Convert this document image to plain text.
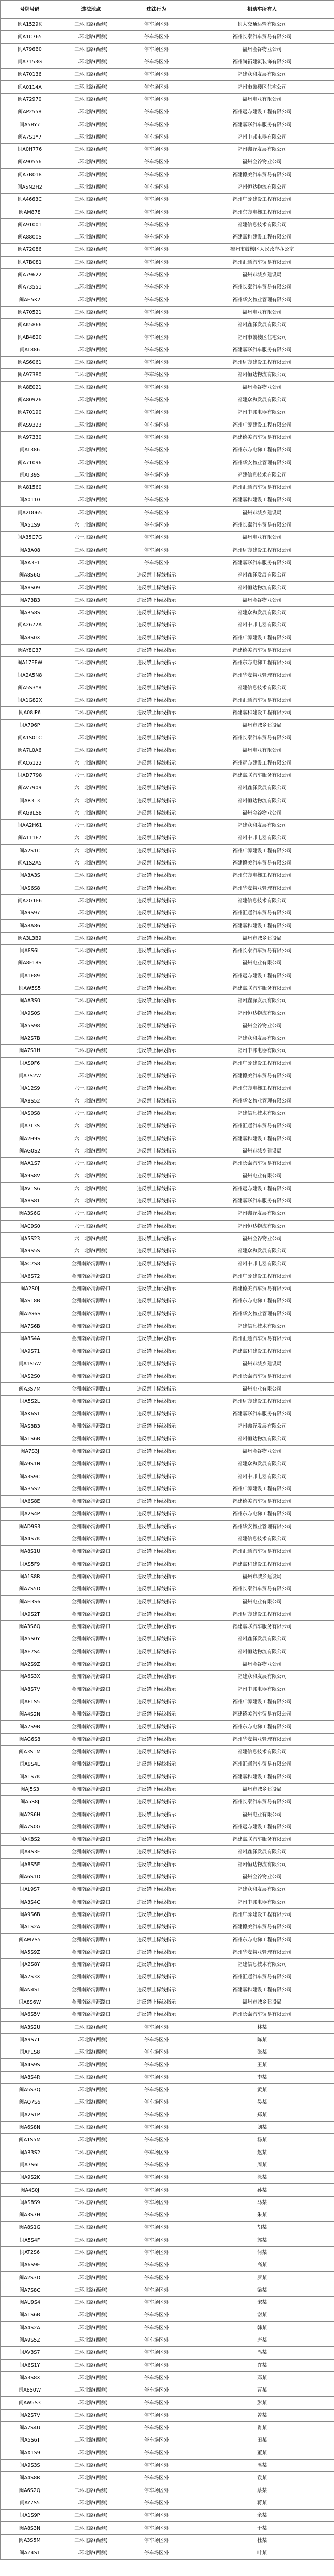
号牌号码	违法地点	违法行为	机动车所有人
闽A1529K	二环北路(西侧)	停车场区外	闽大交通运输有限公司
闽A1C765	二环北路(西侧)	停车场区外	福州长泰汽车贸易有限公司
闽A796B0	二环北路(西侧)	停车场区外	福州金谷物业公司
闽A7153G	二环北路(西侧)	停车场区外	福州尚新建筑装饰有限公司
闽A70136	二环北路(西侧)	停车场区外	福建众和发展有限公司
闽A0114A	二环北路(西侧)	停车场区外	福州市鼓楼区住宅公司
闽A72970	二环北路(西侧)	停车场区外	福州电业有限公司
闽AP2558	二环北路(西侧)	停车场区外	福州远方建设工程有限公司
闽A5BY7	二环北路(西侧)	停车场区外	福建嘉联汽车服务有限公司
闽A7S1Y7	二环北路(西侧)	停车场区外	福州中邦电器有限公司
闽A0H776	二环北路(西侧)	停车场区外	福州鑫泽发展有限公司
闽A90556	二环北路(西侧)	停车场区外	福州金谷物业公司
闽A7B018	二环北路(西侧)	停车场区外	福建德美汽车贸易有限公司
闽A5N2H2	二环北路(西侧)	停车场区外	福州恒达物流有限公司
闽A4663C	二环北路(西侧)	停车场区外	福州广源建设工程有限公司
闽AM878	二环北路(西侧)	停车场区外	福州东方电梯工程有限公司
闽A91001	二环北路(西侧)	停车场区外	福建信息技术有限公司
闽A8800S	二环北路(西侧)	停车场区外	福建嘉和建设工程有限公司
闽A72086	二环北路(西侧)	停车场区外	福州市鼓楼区人民政府办公室
闽A7B081	二环北路(西侧)	停车场区外	福州汇通汽车贸易有限公司
闽A79622	二环北路(西侧)	停车场区外	福州市城乡建设局
闽A73551	二环北路(西侧)	停车场区外	福州长泰汽车贸易有限公司
闽AH5K2	二环北路(西侧)	停车场区外	福州华安物业管理有限公司
闽A70521	二环北路(西侧)	停车场区外	福州电业有限公司
闽AK5866	二环北路(西侧)	停车场区外	福州鑫泽发展有限公司
闽AB4820	二环北路(西侧)	停车场区外	福州市鼓楼区住宅公司
闽AT886	二环北路(西侧)	停车场区外	福建嘉联汽车服务有限公司
闽AS6061	二环北路(西侧)	停车场区外	福州远方建设工程有限公司
闽A97380	二环北路(西侧)	停车场区外	福州恒达物流有限公司
闽A8E021	二环北路(西侧)	停车场区外	福州金谷物业公司
闽A80926	二环北路(西侧)	停车场区外	福建众和发展有限公司
闽A70190	二环北路(西侧)	停车场区外	福州中邦电器有限公司
闽AS9323	二环北路(西侧)	停车场区外	福州广源建设工程有限公司
闽A97330	二环北路(西侧)	停车场区外	福建德美汽车贸易有限公司
闽AT386	二环北路(西侧)	停车场区外	福州东方电梯工程有限公司
闽A71096	二环北路(西侧)	停车场区外	福州华安物业管理有限公司
闽AT39S	二环北路(西侧)	停车场区外	福建信息技术有限公司
闽A81560	二环北路(西侧)	停车场区外	福州汇通汽车贸易有限公司
闽A0110	二环北路(西侧)	停车场区外	福建嘉和建设工程有限公司
闽A2D065	二环北路(西侧)	停车场区外	福州市城乡建设局
闽A51S9	六一北路(西侧)	停车场区外	福州长泰汽车贸易有限公司
闽A35C7G	六一北路(西侧)	停车场区外	福州电业有限公司
闽A3A08	二环北路(西侧)	停车场区外	福州远方建设工程有限公司
闽AA3F1	二环北路(西侧)	停车场区外	福建嘉联汽车服务有限公司
闽A8S6G	二环北路(西侧)	违反禁止标线指示	福州鑫泽发展有限公司
闽A8S09	二环北路(西侧)	违反禁止标线指示	福州恒达物流有限公司
闽A73B3	二环北路(西侧)	违反禁止标线指示	福州金谷物业公司
闽AR58S	二环北路(西侧)	违反禁止标线指示	福建众和发展有限公司
闽A2672A	二环北路(西侧)	违反禁止标线指示	福州中邦电器有限公司
闽A8S0X	二环北路(西侧)	违反禁止标线指示	福州广源建设工程有限公司
闽AY8C37	二环北路(西侧)	违反禁止标线指示	福建德美汽车贸易有限公司
闽A17FEW	二环北路(西侧)	违反禁止标线指示	福州东方电梯工程有限公司
闽A2A5N8	二环北路(西侧)	违反禁止标线指示	福州华安物业管理有限公司
闽A5S3Y8	二环北路(西侧)	违反禁止标线指示	福建信息技术有限公司
闽A1G82X	二环北路(西侧)	违反禁止标线指示	福州汇通汽车贸易有限公司
闽A08JP6	二环北路(西侧)	违反禁止标线指示	福建嘉和建设工程有限公司
闽A796P	二环北路(西侧)	违反禁止标线指示	福州市城乡建设局
闽A1S01C	二环北路(西侧)	违反禁止标线指示	福州长泰汽车贸易有限公司
闽A7L0A6	二环北路(西侧)	违反禁止标线指示	福州电业有限公司
闽AC6122	六一北路(西侧)	违反禁止标线指示	福州远方建设工程有限公司
闽AD7798	六一北路(西侧)	违反禁止标线指示	福建嘉联汽车服务有限公司
闽AV7909	六一北路(西侧)	违反禁止标线指示	福州鑫泽发展有限公司
闽AR3L3	六一北路(西侧)	违反禁止标线指示	福州恒达物流有限公司
闽AG9LS8	六一北路(西侧)	违反禁止标线指示	福州金谷物业公司
闽AA2H61	六一北路(西侧)	违反禁止标线指示	福建众和发展有限公司
闽A111F7	六一北路(西侧)	违反禁止标线指示	福州中邦电器有限公司
闽A2S1C	六一北路(西侧)	违反禁止标线指示	福州广源建设工程有限公司
闽A1S2A5	六一北路(西侧)	违反禁止标线指示	福建德美汽车贸易有限公司
闽A3A3S	二环北路(西侧)	违反禁止标线指示	福州东方电梯工程有限公司
闽AS6S8	二环北路(西侧)	违反禁止标线指示	福州华安物业管理有限公司
闽A2G1F6	二环北路(西侧)	违反禁止标线指示	福建信息技术有限公司
闽A9S97	二环北路(西侧)	违反禁止标线指示	福州汇通汽车贸易有限公司
闽A8A86	二环北路(西侧)	违反禁止标线指示	福建嘉和建设工程有限公司
闽A3L3B9	二环北路(西侧)	违反禁止标线指示	福州市城乡建设局
闽A8S6L	二环北路(西侧)	违反禁止标线指示	福州长泰汽车贸易有限公司
闽A8F18S	二环北路(西侧)	违反禁止标线指示	福州电业有限公司
闽A1F89	二环北路(西侧)	违反禁止标线指示	福州远方建设工程有限公司
闽AW5S5	二环北路(西侧)	违反禁止标线指示	福建嘉联汽车服务有限公司
闽AA3S0	二环北路(西侧)	违反禁止标线指示	福州鑫泽发展有限公司
闽A9S0S	二环北路(西侧)	违反禁止标线指示	福州恒达物流有限公司
闽A5S98	二环北路(西侧)	违反禁止标线指示	福州金谷物业公司
闽A2S7B	二环北路(西侧)	违反禁止标线指示	福建众和发展有限公司
闽A7S1H	二环北路(西侧)	违反禁止标线指示	福州中邦电器有限公司
闽AS9F6	二环北路(西侧)	违反禁止标线指示	福州广源建设工程有限公司
闽A7S2W	二环北路(西侧)	违反禁止标线指示	福建德美汽车贸易有限公司
闽A12S9	六一北路(西侧)	违反禁止标线指示	福州东方电梯工程有限公司
闽A8S52	六一北路(西侧)	违反禁止标线指示	福州华安物业管理有限公司
闽AS0S8	六一北路(西侧)	违反禁止标线指示	福建信息技术有限公司
闽A7L3S	六一北路(西侧)	违反禁止标线指示	福州汇通汽车贸易有限公司
闽A2H9S	六一北路(西侧)	违反禁止标线指示	福建嘉和建设工程有限公司
闽AG0S2	六一北路(西侧)	违反禁止标线指示	福州市城乡建设局
闽AA1S7	六一北路(西侧)	违反禁止标线指示	福州长泰汽车贸易有限公司
闽A9S8V	六一北路(西侧)	违反禁止标线指示	福州电业有限公司
闽AV1S6	六一北路(西侧)	违反禁止标线指示	福州远方建设工程有限公司
闽A8S81	六一北路(西侧)	违反禁止标线指示	福建嘉联汽车服务有限公司
闽A3S6G	六一北路(西侧)	违反禁止标线指示	福州鑫泽发展有限公司
闽AC9S0	六一北路(西侧)	违反禁止标线指示	福州恒达物流有限公司
闽A5S23	六一北路(西侧)	违反禁止标线指示	福州金谷物业公司
闽A9S5S	六一北路(西侧)	违反禁止标线指示	福建众和发展有限公司
闽AC7S8	金洲南路清源路口	违反禁止标线指示	福州中邦电器有限公司
闽A6S72	金洲南路清源路口	违反禁止标线指示	福州广源建设工程有限公司
闽A2S0J	金洲南路清源路口	违反禁止标线指示	福建德美汽车贸易有限公司
闽AS18B	金洲南路清源路口	违反禁止标线指示	福州东方电梯工程有限公司
闽A2G6S	金洲南路清源路口	违反禁止标线指示	福州华安物业管理有限公司
闽A7S6B	金洲南路清源路口	违反禁止标线指示	福建信息技术有限公司
闽A8S4A	金洲南路清源路口	违反禁止标线指示	福州汇通汽车贸易有限公司
闽A9S71	金洲南路清源路口	违反禁止标线指示	福建嘉和建设工程有限公司
闽A1S5W	金洲南路清源路口	违反禁止标线指示	福州市城乡建设局
闽AS2S0	金洲南路清源路口	违反禁止标线指示	福州长泰汽车贸易有限公司
闽A3S7M	金洲南路清源路口	违反禁止标线指示	福州电业有限公司
闽A5S2L	金洲南路清源路口	违反禁止标线指示	福州远方建设工程有限公司
闽AK6S1	金洲南路清源路口	违反禁止标线指示	福建嘉联汽车服务有限公司
闽AS8B3	金洲南路清源路口	违反禁止标线指示	福州鑫泽发展有限公司
闽A1S6B	金洲南路清源路口	违反禁止标线指示	福州恒达物流有限公司
闽A7S3J	金洲南路清源路口	违反禁止标线指示	福州金谷物业公司
闽A9S1N	金洲南路清源路口	违反禁止标线指示	福建众和发展有限公司
闽A3S9C	金洲南路清源路口	违反禁止标线指示	福州中邦电器有限公司
闽AB5S2	金洲南路清源路口	违反禁止标线指示	福州广源建设工程有限公司
闽A6S8E	金洲南路清源路口	违反禁止标线指示	福建德美汽车贸易有限公司
闽A2S4P	金洲南路清源路口	违反禁止标线指示	福州东方电梯工程有限公司
闽AD9S3	金洲南路清源路口	违反禁止标线指示	福州华安物业管理有限公司
闽A4S7K	金洲南路清源路口	违反禁止标线指示	福建信息技术有限公司
闽A8S1U	金洲南路清源路口	违反禁止标线指示	福州汇通汽车贸易有限公司
闽AS5F9	金洲南路清源路口	违反禁止标线指示	福建嘉和建设工程有限公司
闽A1S8R	金洲南路清源路口	违反禁止标线指示	福州市城乡建设局
闽A7S5D	金洲南路清源路口	违反禁止标线指示	福州长泰汽车贸易有限公司
闽AH3S6	金洲南路清源路口	违反禁止标线指示	福州电业有限公司
闽A9S2T	金洲南路清源路口	违反禁止标线指示	福州远方建设工程有限公司
闽A3S6Q	金洲南路清源路口	违反禁止标线指示	福建嘉联汽车服务有限公司
闽A5S0Y	金洲南路清源路口	违反禁止标线指示	福州鑫泽发展有限公司
闽AE7S4	金洲南路清源路口	违反禁止标线指示	福州恒达物流有限公司
闽A2S9Z	金洲南路清源路口	违反禁止标线指示	福州金谷物业公司
闽A6S3X	金洲南路清源路口	违反禁止标线指示	福建众和发展有限公司
闽A8S7V	金洲南路清源路口	违反禁止标线指示	福州中邦电器有限公司
闽AF1S5	金洲南路清源路口	违反禁止标线指示	福州广源建设工程有限公司
闽A4S2N	金洲南路清源路口	违反禁止标线指示	福建德美汽车贸易有限公司
闽A7S9B	金洲南路清源路口	违反禁止标线指示	福州东方电梯工程有限公司
闽AG6S8	金洲南路清源路口	违反禁止标线指示	福州华安物业管理有限公司
闽A3S1M	金洲南路清源路口	违反禁止标线指示	福建信息技术有限公司
闽A9S4L	金洲南路清源路口	违反禁止标线指示	福州汇通汽车贸易有限公司
闽A1S7K	金洲南路清源路口	违反禁止标线指示	福建嘉和建设工程有限公司
闽AJ5S3	金洲南路清源路口	违反禁止标线指示	福州市城乡建设局
闽A5S8J	金洲南路清源路口	违反禁止标线指示	福州长泰汽车贸易有限公司
闽A2S6H	金洲南路清源路口	违反禁止标线指示	福州电业有限公司
闽A7S0G	金洲南路清源路口	违反禁止标线指示	福州远方建设工程有限公司
闽AK8S2	金洲南路清源路口	违反禁止标线指示	福建嘉联汽车服务有限公司
闽A4S3F	金洲南路清源路口	违反禁止标线指示	福州鑫泽发展有限公司
闽A8S5E	金洲南路清源路口	违反禁止标线指示	福州恒达物流有限公司
闽A6S1D	金洲南路清源路口	违反禁止标线指示	福州金谷物业公司
闽AL9S7	金洲南路清源路口	违反禁止标线指示	福建众和发展有限公司
闽A3S4C	金洲南路清源路口	违反禁止标线指示	福州中邦电器有限公司
闽A9S6B	金洲南路清源路口	违反禁止标线指示	福州广源建设工程有限公司
闽A1S2A	金洲南路清源路口	违反禁止标线指示	福建德美汽车贸易有限公司
闽AM7S5	金洲南路清源路口	违反禁止标线指示	福州东方电梯工程有限公司
闽A5S9Z	金洲南路清源路口	违反禁止标线指示	福州华安物业管理有限公司
闽A2S8Y	金洲南路清源路口	违反禁止标线指示	福建信息技术有限公司
闽A7S3X	金洲南路清源路口	违反禁止标线指示	福州汇通汽车贸易有限公司
闽AN4S1	金洲南路清源路口	违反禁止标线指示	福建嘉和建设工程有限公司
闽A8S6W	金洲南路清源路口	违反禁止标线指示	福州市城乡建设局
闽A6S5V	金洲南路清源路口	违反禁止标线指示	福州长泰汽车贸易有限公司
闽A3S2U	二环北路(西侧)	停车场区外	林某
闽A9S7T	二环北路(西侧)	停车场区外	陈某
闽AP1S8	二环北路(西侧)	停车场区外	张某
闽A4S9S	二环北路(西侧)	停车场区外	王某
闽A8S4R	二环北路(西侧)	停车场区外	李某
闽A5S3Q	二环北路(西侧)	停车场区外	黄某
闽AQ7S6	二环北路(西侧)	停车场区外	吴某
闽A2S1P	二环北路(西侧)	停车场区外	郑某
闽A6S8N	二环北路(西侧)	停车场区外	刘某
闽A1S5M	二环北路(西侧)	停车场区外	杨某
闽AR3S2	二环北路(西侧)	停车场区外	赵某
闽A7S6L	二环北路(西侧)	停车场区外	周某
闽A9S2K	二环北路(西侧)	停车场区外	徐某
闽A4S0J	二环北路(西侧)	停车场区外	孙某
闽AS8S9	二环北路(西侧)	停车场区外	马某
闽A3S7H	二环北路(西侧)	停车场区外	朱某
闽A8S1G	二环北路(西侧)	停车场区外	胡某
闽A5S4F	二环北路(西侧)	停车场区外	郭某
闽AT2S6	二环北路(西侧)	停车场区外	何某
闽A6S9E	二环北路(西侧)	停车场区外	高某
闽A2S3D	二环北路(西侧)	停车场区外	罗某
闽A7S8C	二环北路(西侧)	停车场区外	梁某
闽AU9S4	二环北路(西侧)	停车场区外	宋某
闽A1S6B	二环北路(西侧)	停车场区外	谢某
闽A4S2A	二环北路(西侧)	停车场区外	韩某
闽A9S5Z	二环北路(西侧)	停车场区外	唐某
闽AV3S7	二环北路(西侧)	停车场区外	冯某
闽A6S1Y	二环北路(西侧)	停车场区外	许某
闽A3S8X	二环北路(西侧)	停车场区外	邓某
闽A8S0W	二环北路(西侧)	停车场区外	曹某
闽AW5S3	二环北路(西侧)	停车场区外	彭某
闽A2S7V	二环北路(西侧)	停车场区外	曾某
闽A7S4U	二环北路(西侧)	停车场区外	肖某
闽A5S6T	二环北路(西侧)	停车场区外	田某
闽AX1S9	二环北路(西侧)	停车场区外	董某
闽A9S3S	二环北路(西侧)	停车场区外	潘某
闽A4S8R	二环北路(西侧)	停车场区外	袁某
闽A6S2Q	二环北路(西侧)	停车场区外	蔡某
闽AY7S5	二环北路(西侧)	停车场区外	蒋某
闽A1S9P	二环北路(西侧)	停车场区外	余某
闽A8S3N	二环北路(西侧)	停车场区外	于某
闽A3S5M	二环北路(西侧)	停车场区外	杜某
闽AZ4S1	二环北路(西侧)	停车场区外	叶某
